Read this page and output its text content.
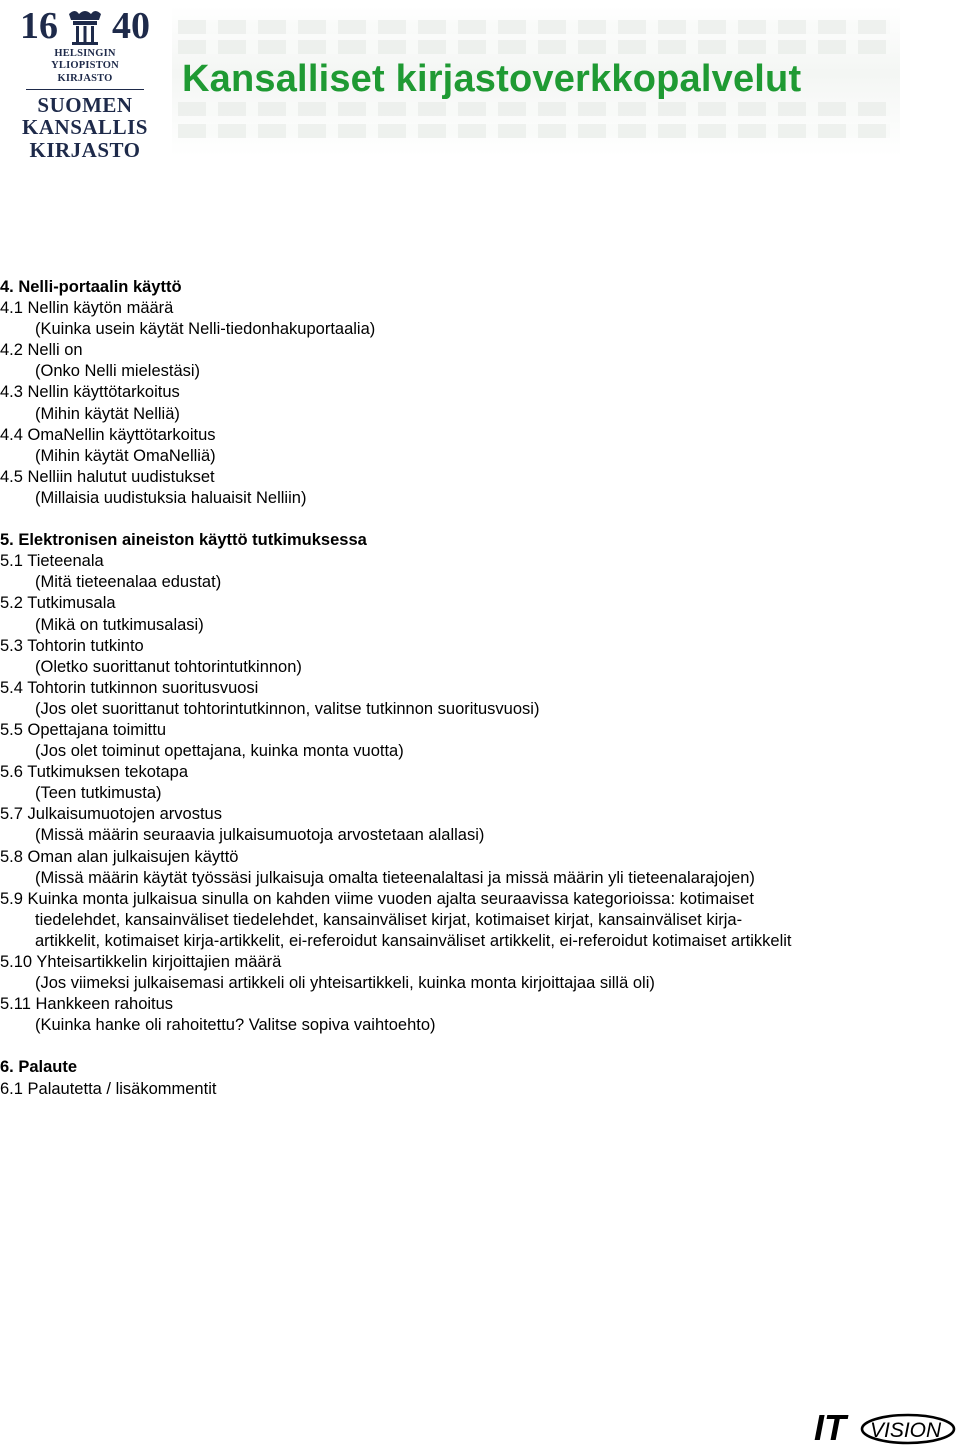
16 40
HELSINGIN YLIOPISTON
KIRJASTO
SUOMEN
KANSALLIS
KIRJASTO
Kansalliset kirjastoverkkopalvelut
4. Nelli-portaalin käyttö
4.1 Nellin käytön määrä
(Kuinka usein käytät Nelli-tiedonhakuportaalia)
4.2 Nelli on
(Onko Nelli mielestäsi)
4.3 Nellin käyttötarkoitus
(Mihin käytät Nelliä)
4.4 OmaNellin käyttötarkoitus
(Mihin käytät OmaNelliä)
4.5 Nelliin halutut uudistukset
(Millaisia uudistuksia haluaisit Nelliin)
5. Elektronisen aineiston käyttö tutkimuksessa
5.1 Tieteenala
(Mitä tieteenalaa edustat)
5.2 Tutkimusala
(Mikä on tutkimusalasi)
5.3 Tohtorin tutkinto
(Oletko suorittanut tohtorintutkinnon)
5.4 Tohtorin tutkinnon suoritusvuosi
(Jos olet suorittanut tohtorintutkinnon, valitse tutkinnon suoritusvuosi)
5.5 Opettajana toimittu
(Jos olet toiminut opettajana, kuinka monta vuotta)
5.6 Tutkimuksen tekotapa
(Teen tutkimusta)
5.7 Julkaisumuotojen arvostus
(Missä määrin seuraavia julkaisumuotoja arvostetaan alallasi)
5.8 Oman alan julkaisujen käyttö
(Missä määrin käytät työssäsi julkaisuja omalta tieteenalaltasi ja missä määrin yli tieteenalarajojen)
5.9 Kuinka monta julkaisua sinulla on kahden viime vuoden ajalta seuraavissa kategorioissa: kotimaiset
tiedelehdet, kansainväliset tiedelehdet, kansainväliset kirjat, kotimaiset kirjat, kansainväliset kirja-
artikkelit, kotimaiset kirja-artikkelit, ei-referoidut kansainväliset artikkelit, ei-referoidut kotimaiset artikkelit
5.10 Yhteisartikkelin kirjoittajien määrä
(Jos viimeksi julkaisemasi artikkeli oli yhteisartikkeli, kuinka monta kirjoittajaa sillä oli)
5.11 Hankkeen rahoitus
(Kuinka hanke oli rahoitettu? Valitse sopiva vaihtoehto)
6. Palaute
6.1 Palautetta / lisäkommentit
IT VISION
